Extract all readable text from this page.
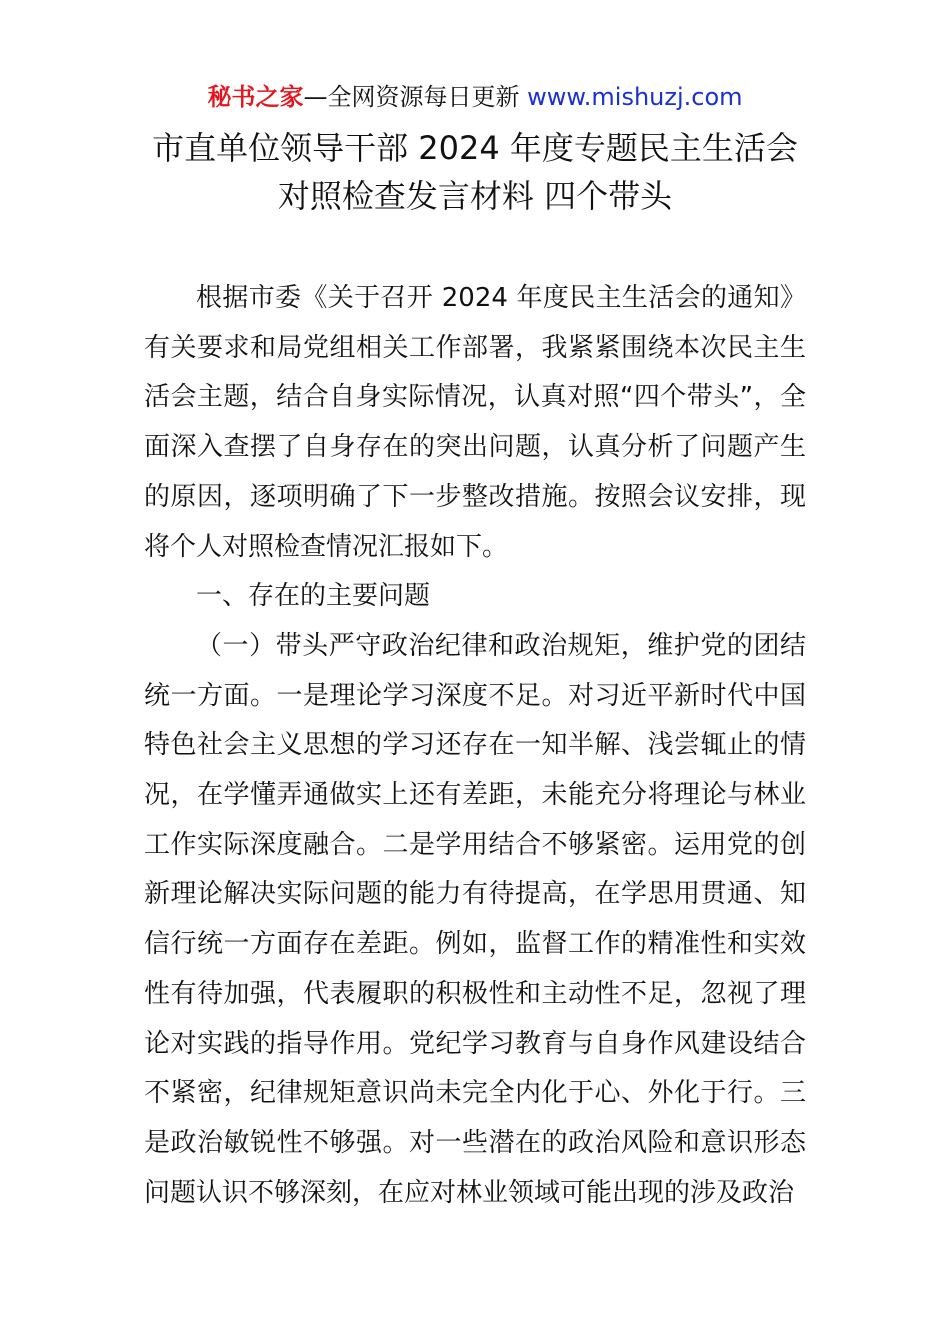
秘书之家—全网资源每日更新 www.mishuzj.com
市直单位领导干部 2024 年度专题民主生活会
对照检查发言材料 四个带头

根据市委《关于召开 2024 年度民主生活会的通知》有关要求和局党组相关工作部署，我紧紧围绕本次民主生活会主题，结合自身实际情况，认真对照“四个带头”，全面深入查摆了自身存在的突出问题，认真分析了问题产生的原因，逐项明确了下一步整改措施。按照会议安排，现将个人对照检查情况汇报如下。

一、存在的主要问题

（一）带头严守政治纪律和政治规矩，维护党的团结统一方面。一是理论学习深度不足。对习近平新时代中国特色社会主义思想的学习还存在一知半解、浅尝辄止的情况，在学懂弄通做实上还有差距，未能充分将理论与林业工作实际深度融合。二是学用结合不够紧密。运用党的创新理论解决实际问题的能力有待提高，在学思用贯通、知信行统一方面存在差距。例如，监督工作的精准性和实效性有待加强，代表履职的积极性和主动性不足，忽视了理论对实践的指导作用。党纪学习教育与自身作风建设结合不紧密，纪律规矩意识尚未完全内化于心、外化于行。三是政治敏锐性不够强。对一些潜在的政治风险和意识形态问题认识不够深刻，在应对林业领域可能出现的涉及政治
